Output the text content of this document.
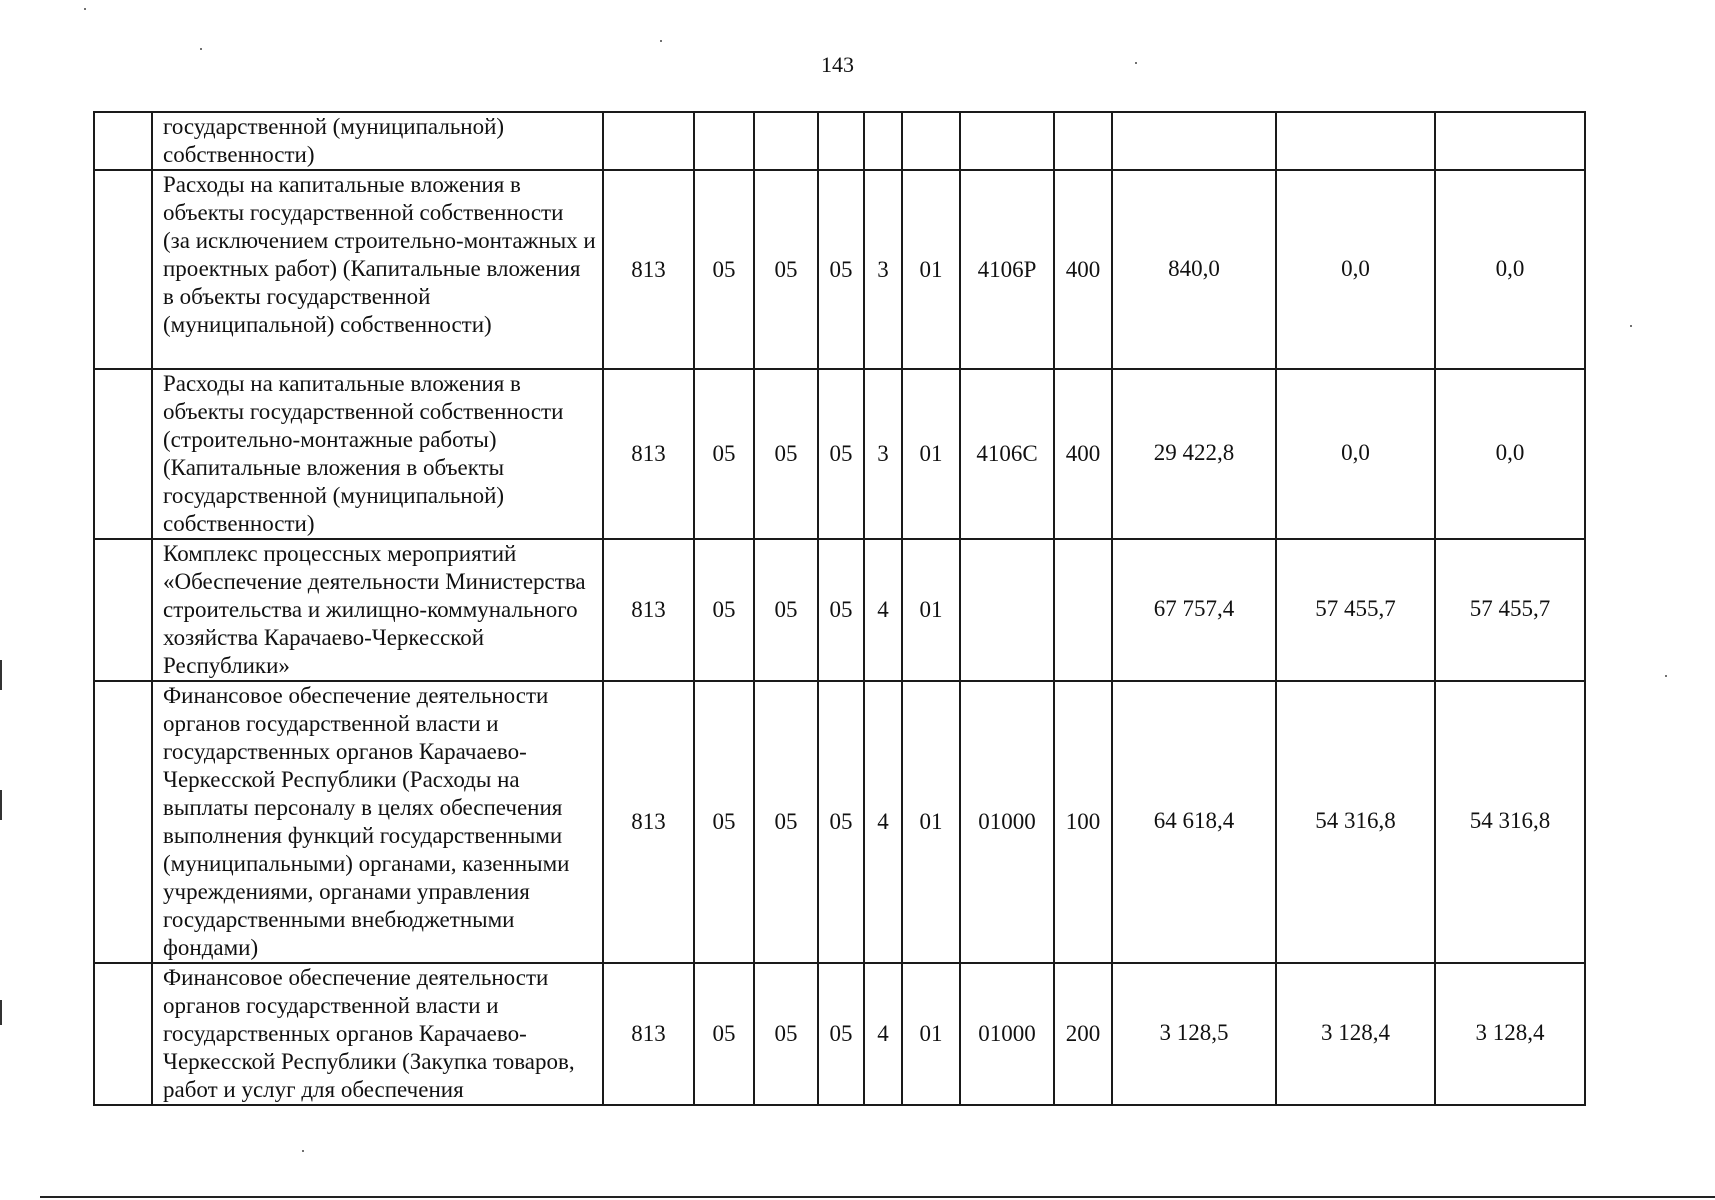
143
	государственной (муниципальной) собственности)											
	Расходы на капитальные вложения в объекты государственной собственности (за исключением строительно-монтажных и проектных работ) (Капитальные вложения в объекты государственной (муниципальной) собственности)	813	05	05	05	3	01	4106Р	400	840,0	0,0	0,0
	Расходы на капитальные вложения в объекты государственной собственности (строительно-монтажные работы) (Капитальные вложения в объекты государственной (муниципальной) собственности)	813	05	05	05	3	01	4106С	400	29 422,8	0,0	0,0
	Комплекс процессных мероприятий «Обеспечение деятельности Министерства строительства и жилищно-коммунального хозяйства Карачаево-Черкесской Республики»	813	05	05	05	4	01			67 757,4	57 455,7	57 455,7
	Финансовое обеспечение деятельности органов государственной власти и государственных органов Карачаево-Черкесской Республики (Расходы на выплаты персоналу в целях обеспечения выполнения функций государственными (муниципальными) органами, казенными учреждениями, органами управления государственными внебюджетными фондами)	813	05	05	05	4	01	01000	100	64 618,4	54 316,8	54 316,8
	Финансовое обеспечение деятельности органов государственной власти и государственных органов Карачаево-Черкесской Республики (Закупка товаров, работ и услуг для обеспечения	813	05	05	05	4	01	01000	200	3 128,5	3 128,4	3 128,4
